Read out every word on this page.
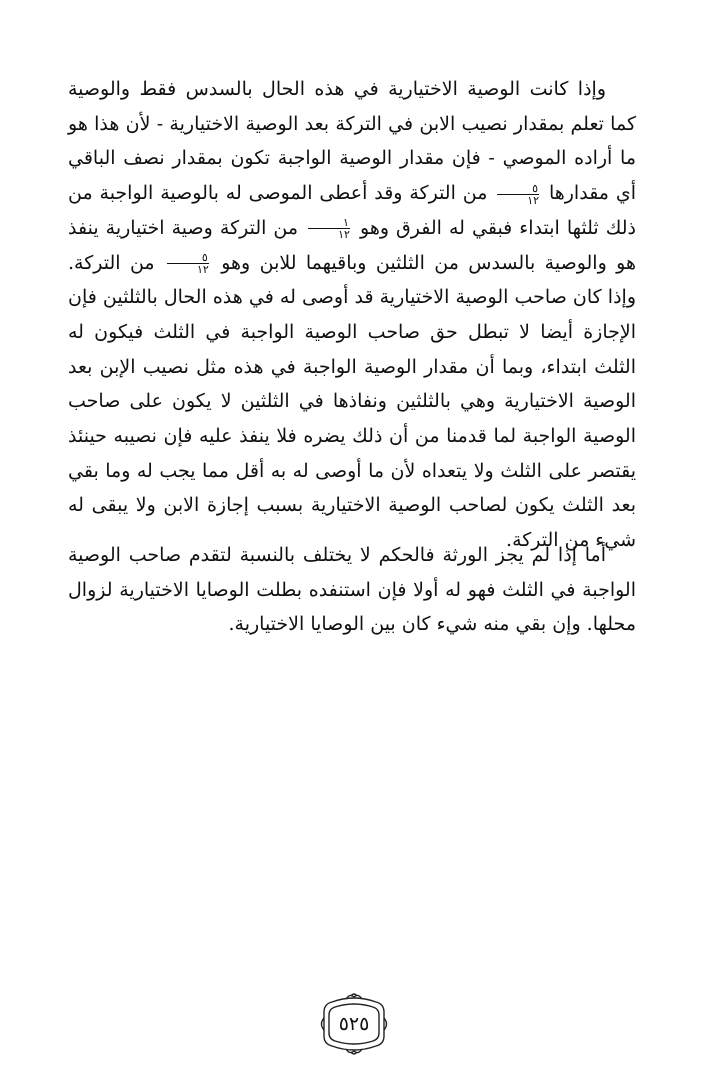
وإذا كانت الوصية الاختيارية في هذه الحال بالسدس فقط والوصية كما تعلم بمقدار نصيب الابن في التركة بعد الوصية الاختيارية - لأن هذا هو ما أراده الموصي - فإن مقدار الوصية الواجبة تكون بمقدار نصف الباقي أي مقدارها
$\frac{٥}{١٢}$
من التركة وقد أعطى الموصى له بالوصية الواجبة من ذلك ثلثها ابتداء فبقي له الفرق وهو
$\frac{١}{١٢}$
من التركة وصية اختيارية ينفذ هو والوصية بالسدس من الثلثين وباقيهما للابن وهو
$\frac{٥}{١٢}$
من التركة. وإذا كان صاحب الوصية الاختيارية قد أوصى له في هذه الحال بالثلثين فإن الإجازة أيضا لا تبطل حق صاحب الوصية الواجبة في الثلث فيكون له الثلث ابتداء، وبما أن مقدار الوصية الواجبة في هذه مثل نصيب الإبن بعد الوصية الاختيارية وهي بالثلثين ونفاذها في الثلثين لا يكون على صاحب الوصية الواجبة لما قدمنا من أن ذلك يضره فلا ينفذ عليه فإن نصيبه حينئذ يقتصر على الثلث ولا يتعداه لأن ما أوصى له به أقل مما يجب له وما بقي بعد الثلث يكون لصاحب الوصية الاختيارية بسبب إجازة الابن ولا يبقى له شيء من التركة.

أما إذا لم يجز الورثة فالحكم لا يختلف بالنسبة لتقدم صاحب الوصية الواجبة في الثلث فهو له أولا فإن استنفده بطلت الوصايا الاختيارية لزوال محلها. وإن بقي منه شيء كان بين الوصايا الاختيارية.

٥٢٥
